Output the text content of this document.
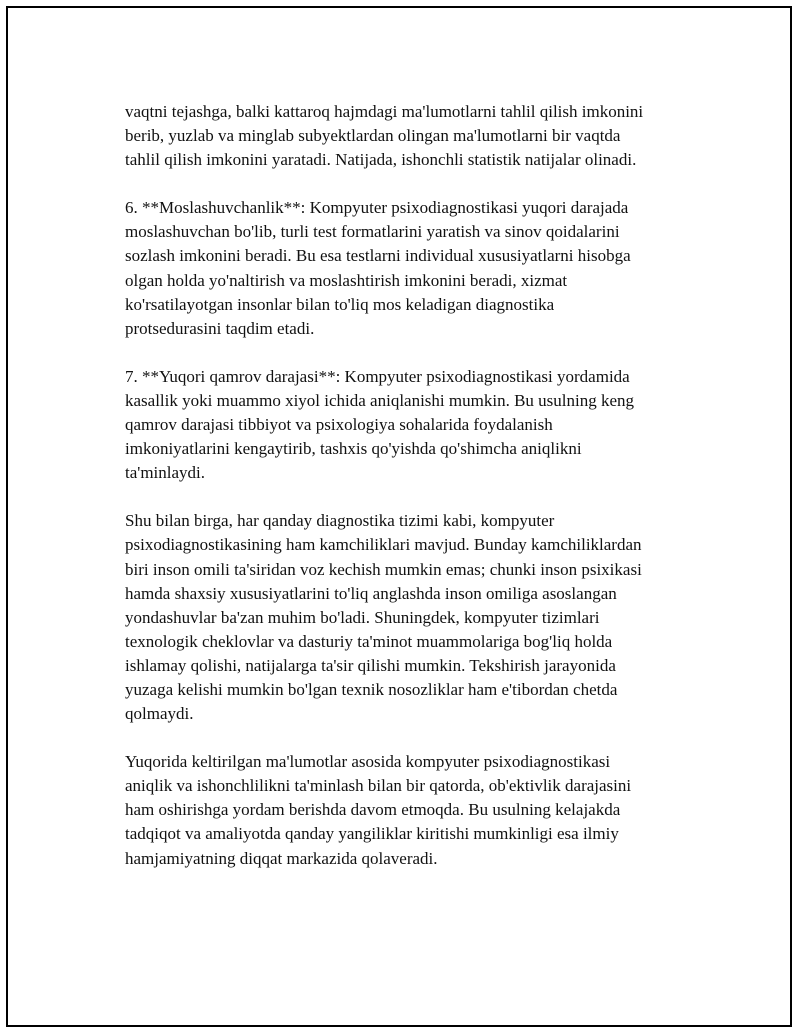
vaqtni tejashga, balki kattaroq hajmdagi ma'lumotlarni tahlil qilish imkonini
berib, yuzlab va minglab subyektlardan olingan ma'lumotlarni bir vaqtda
tahlil qilish imkonini yaratadi. Natijada, ishonchli statistik natijalar olinadi.

6. **Moslashuvchanlik**: Kompyuter psixodiagnostikasi yuqori darajada
moslashuvchan bo'lib, turli test formatlarini yaratish va sinov qoidalarini
sozlash imkonini beradi. Bu esa testlarni individual xususiyatlarni hisobga
olgan holda yo'naltirish va moslashtirish imkonini beradi, xizmat
ko'rsatilayotgan insonlar bilan to'liq mos keladigan diagnostika
protsedurasini taqdim etadi.

7. **Yuqori qamrov darajasi**: Kompyuter psixodiagnostikasi yordamida
kasallik yoki muammo xiyol ichida aniqlanishi mumkin. Bu usulning keng
qamrov darajasi tibbiyot va psixologiya sohalarida foydalanish
imkoniyatlarini kengaytirib, tashxis qo'yishda qo'shimcha aniqlikni
ta'minlaydi.

Shu bilan birga, har qanday diagnostika tizimi kabi, kompyuter
psixodiagnostikasining ham kamchiliklari mavjud. Bunday kamchiliklardan
biri inson omili ta'siridan voz kechish mumkin emas; chunki inson psixikasi
hamda shaxsiy xususiyatlarini to'liq anglashda inson omiliga asoslangan
yondashuvlar ba'zan muhim bo'ladi. Shuningdek, kompyuter tizimlari
texnologik cheklovlar va dasturiy ta'minot muammolariga bog'liq holda
ishlamay qolishi, natijalarga ta'sir qilishi mumkin. Tekshirish jarayonida
yuzaga kelishi mumkin bo'lgan texnik nosozliklar ham e'tibordan chetda
qolmaydi.

Yuqorida keltirilgan ma'lumotlar asosida kompyuter psixodiagnostikasi
aniqlik va ishonchlilikni ta'minlash bilan bir qatorda, ob'ektivlik darajasini
ham oshirishga yordam berishda davom etmoqda. Bu usulning kelajakda
tadqiqot va amaliyotda qanday yangiliklar kiritishi mumkinligi esa ilmiy
hamjamiyatning diqqat markazida qolaveradi.
